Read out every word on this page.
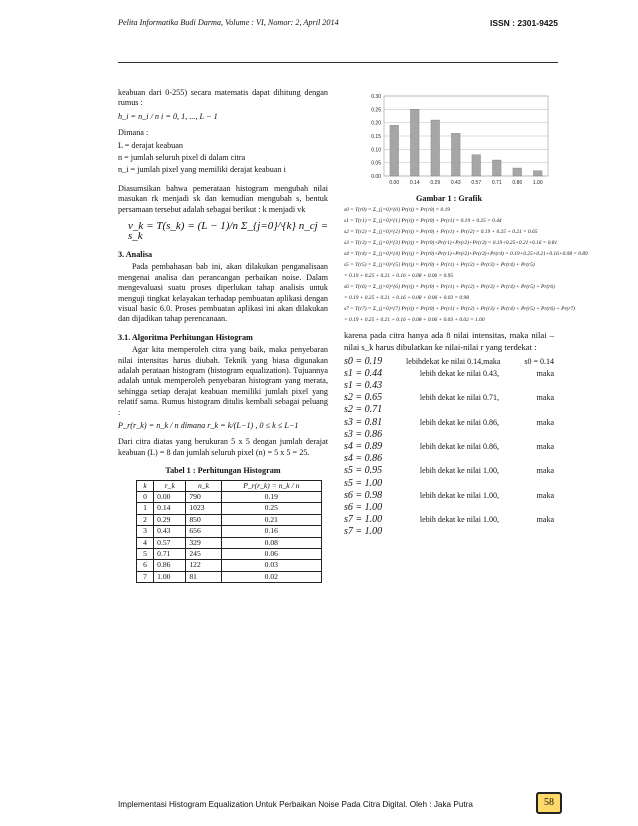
Pelita Informatika Budi Darma, Volume : VI, Nomor: 2, April 2014	ISSN : 2301-9425

keabuan dari 0-255) secara matematis dapat dihitung dengan rumus :

h_i = n_i / n i = 0, 1, ..., L − 1

Dimana :

L = derajat keabuan

n = jumlah seluruh pixel di dalam citra

n_i = jumlah pixel yang memiliki derajat keabuan i

Diasumsikan bahwa pemerataan histogram mengubah nilai masukan rk menjadi sk dan kemudian mengubah s, bentuk persamaan tersebut adalah sebagai berikut : k menjadi vk

v_k = T(s_k) = (L − 1)/n Σ_{j=0}^{k} n_cj = s_k

3. Analisa

Pada pembahasan bab ini, akan dilakukan penganalisaan mengenai analisa dan perancangan perbaikan noise. Dalam mengevaluasi suatu proses diperlukan tahap analisis untuk menguji tingkat kelayakan terhadap pembuatan aplikasi dengan visual basic 6.0. Proses pembuatan aplikasi ini akan dilakukan dan dijadikan tahap perencanaan.

3.1. Algoritma Perhitungan Histogram

Agar kita memperoleh citra yang baik, maka penyebaran nilai intensitas harus diubah. Teknik yang biasa digunakan adalah perataan histogram (histogram equalization). Tujuannya adalah untuk memperoleh penyebaran histogram yang merata, sehingga setiap derajat keabuan memiliki jumlah pixel yang relatif sama. Rumus histogram ditulis kembali sebagai peluang :

P_r(r_k) = n_k / n dimana r_k = k/(L−1) , 0 ≤ k ≤ L−1

Dari citra diatas yang berukuran 5 x 5 dengan jumlah derajat keabuan (L) = 8 dan jumlah seluruh pixel (n) = 5 x 5 = 25.

Tabel 1 : Perhitungan Histogram

k	r_k	n_k	P_r(r_k) = n_k / n
0	0.00	790	0.19
1	0.14	1023	0.25
2	0.29	850	0.21
3	0.43	656	0.16
4	0.57	329	0.08
5	0.71	245	0.06
6	0.86	122	0.03
7	1.00	81	0.02
0.00
0.05
0.10
0.15
0.20
0.25
0.30
0.00 0.14 0.29 0.43 0.57 0.71 0.86 1.00

Gambar 1 : Grafik

s0 = T(r0) = Σ_{j=0}^{0} Pr(rj) = Pr(r0) = 0.19
s1 = T(r1) = Σ_{j=0}^{1} Pr(rj) = Pr(r0) + Pr(r1) = 0.19 + 0.25 = 0.44
s2 = T(r2) = Σ_{j=0}^{2} Pr(rj) = Pr(r0) + Pr(r1) + Pr(r2) = 0.19 + 0.25 + 0.21 = 0.65
s3 = T(r3) = Σ_{j=0}^{3} Pr(rj) = Pr(r0)+Pr(r1)+Pr(r2)+Pr(r3) = 0.19+0.25+0.21+0.16 = 0.81
s4 = T(r4) = Σ_{j=0}^{4} Pr(rj) = Pr(r0)+Pr(r1)+Pr(r2)+Pr(r3)+Pr(r4) = 0.19+0.25+0.21+0.16+0.08 = 0.89
s5 = T(r5) = Σ_{j=0}^{5} Pr(rj) = Pr(r0) + Pr(r1) + Pr(r2) + Pr(r3) + Pr(r4) + Pr(r5)
= 0.19 + 0.25 + 0.21 + 0.16 + 0.08 + 0.06 = 0.95
s6 = T(r6) = Σ_{j=0}^{6} Pr(rj) = Pr(r0) + Pr(r1) + Pr(r2) + Pr(r3) + Pr(r4) + Pr(r5) + Pr(r6)
= 0.19 + 0.25 + 0.21 + 0.16 + 0.08 + 0.06 + 0.03 = 0.98
s7 = T(r7) = Σ_{j=0}^{7} Pr(rj) = Pr(r0) + Pr(r1) + Pr(r2) + Pr(r3) + Pr(r4) + Pr(r5) + Pr(r6) + Pr(r7)
= 0.19 + 0.25 + 0.21 + 0.16 + 0.08 + 0.06 + 0.03 + 0.02 = 1.00

karena pada citra hanya ada 8 nilai intensitas, maka nilai – nilai s_k harus dibulatkan ke nilai-nilai r yang terdekat :

s0 = 0.19	lebihdekat ke nilai 0.14,maka	s0 = 0.14
s1 = 0.44	lebih dekat ke nilai 0.43,	maka
s1 = 0.43
s2 = 0.65	lebih dekat ke nilai 0.71,	maka
s2 = 0.71
s3 = 0.81	lebih dekat ke nilai 0.86,	maka
s3 = 0.86
s4 = 0.89	lebih dekat ke nilai 0.86,	maka
s4 = 0.86
s5 = 0.95	lebih dekat ke nilai 1.00,	maka
s5 = 1.00
s6 = 0.98	lebih dekat ke nilai 1.00,	maka
s6 = 1.00
s7 = 1.00	lebih dekat ke nilai 1.00,	maka
s7 = 1.00
Implementasi Histogram Equalization Untuk Perbaikan Noise Pada Citra Digital. Oleh : Jaka Putra	58
